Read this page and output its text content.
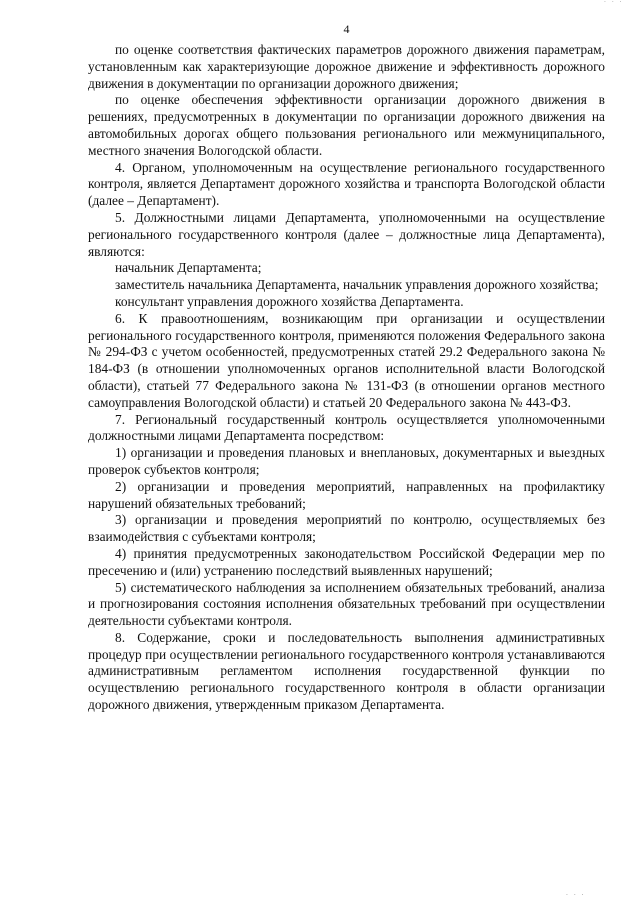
· · ·
4

по оценке соответствия фактических параметров дорожного движения параметрам, установленным как характеризующие дорожное движение и эффективность дорожного движения в документации по организации дорожного движения;

по оценке обеспечения эффективности организации дорожного движения в решениях, предусмотренных в документации по организации дорожного движения на автомобильных дорогах общего пользования регионального или межмуниципального, местного значения Вологодской области.

4. Органом, уполномоченным на осуществление регионального государственного контроля, является Департамент дорожного хозяйства и транспорта Вологодской области (далее – Департамент).

5. Должностными лицами Департамента, уполномоченными на осуществление регионального государственного контроля (далее – должностные лица Департамента), являются:

начальник Департамента;

заместитель начальника Департамента, начальник управления дорожного хозяйства;

консультант управления дорожного хозяйства Департамента.

6. К правоотношениям, возникающим при организации и осуществлении регионального государственного контроля, применяются положения Федерального закона № 294-ФЗ с учетом особенностей, предусмотренных статей 29.2 Федерального закона № 184-ФЗ (в отношении уполномоченных органов исполнительной власти Вологодской области), статьей 77 Федерального закона № 131-ФЗ (в отношении органов местного самоуправления Вологодской области) и статьей 20 Федерального закона № 443-ФЗ.

7. Региональный государственный контроль осуществляется уполномоченными должностными лицами Департамента посредством:

1) организации и проведения плановых и внеплановых, документарных и выездных проверок субъектов контроля;

2) организации и проведения мероприятий, направленных на профилактику нарушений обязательных требований;

3) организации и проведения мероприятий по контролю, осуществляемых без взаимодействия с субъектами контроля;

4) принятия предусмотренных законодательством Российской Федерации мер по пресечению и (или) устранению последствий выявленных нарушений;

5) систематического наблюдения за исполнением обязательных требований, анализа и прогнозирования состояния исполнения обязательных требований при осуществлении деятельности субъектами контроля.

8. Содержание, сроки и последовательность выполнения административных процедур при осуществлении регионального государственного контроля устанавливаются административным регламентом исполнения государственной функции по осуществлению регионального государственного контроля в области организации дорожного движения, утвержденным приказом Департамента.

· · ·
